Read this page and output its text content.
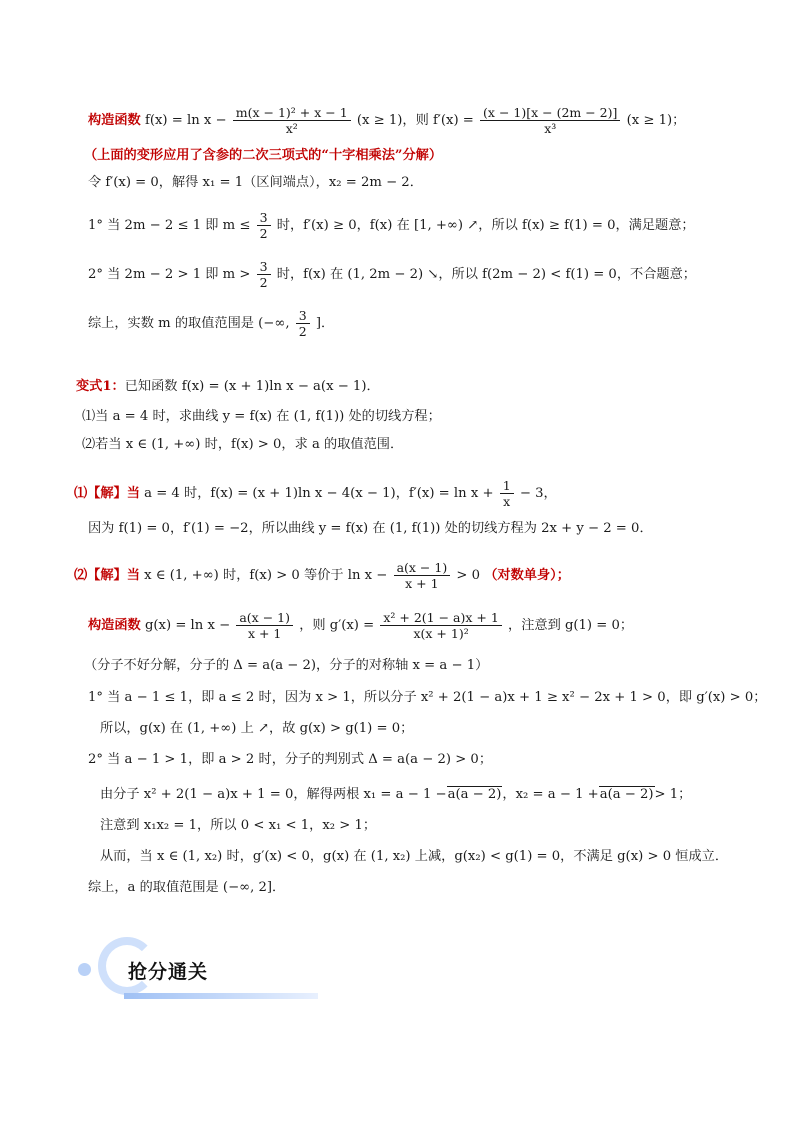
构造函数 $f(x) = \ln x - \frac{\text{m(x − 1)² + x − 1}}{\text{x²}} (x \ge 1)$，则 $f'(x) = \frac{(x - 1)[x - (2m - 2)]}{\text{x³}} (x \ge 1)$；
（上面的变形应用了含参的二次三项式的“十字相乘法”分解）
令 f′(x) = 0，解得 x₁ = 1（区间端点），x₂ = 2m − 2．
1° 当 2m − 2 ≤ 1 即 $m \le \frac{3}{2}$ 时，f′(x) ≥ 0，f(x) 在 [1, +∞) ↗，所以 f(x) ≥ f(1) = 0，满足题意；
2° 当 2m − 2 > 1 即 $m > \frac{3}{2}$ 时，f(x) 在 (1, 2m − 2) ↘，所以 f(2m − 2) < f(1) = 0，不合题意；
综上，实数 m 的取值范围是 (−∞, $\frac{3}{2}$ ]．
变式1：已知函数 f(x) = (x + 1)ln x − a(x − 1)．
⑴当 a = 4 时，求曲线 y = f(x) 在 (1, f(1)) 处的切线方程；
⑵若当 x ∈ (1, +∞) 时，f(x) > 0，求 a 的取值范围．
⑴【解】当 a = 4 时，f(x) = (x + 1)ln x − 4(x − 1)，$f'(x) = \ln x + \frac{1}{x} - 3$，
因为 f(1) = 0，f′(1) = −2，所以曲线 y = f(x) 在 (1, f(1)) 处的切线方程为 2x + y − 2 = 0．
⑵【解】当 x ∈ (1, +∞) 时，f(x) > 0 等价于 $\ln x - \frac{a(x - 1)}{x + 1} > 0$ （对数单身）；
构造函数 $g(x) = \ln x - \frac{a(x - 1)}{x + 1}$ ，则 $g'(x) = \frac{\text{x² + 2(1 − a)x + 1}}{\text{x(x + 1)²}}$ ，注意到 g(1) = 0；
（分子不好分解，分子的 Δ = a(a − 2)，分子的对称轴 x = a − 1）
1° 当 a − 1 ≤ 1，即 a ≤ 2 时，因为 x > 1，所以分子 x² + 2(1 − a)x + 1 ≥ x² − 2x + 1 > 0，即 g′(x) > 0；
所以，g(x) 在 (1, +∞) 上 ↗，故 g(x) > g(1) = 0；
2° 当 a − 1 > 1，即 a > 2 时，分子的判别式 Δ = a(a − 2) > 0；
由分子 x² + 2(1 − a)x + 1 = 0，解得两根 x₁ = a − 1 −a(a − 2)，x₂ = a − 1 +a(a − 2)> 1；
注意到 x₁x₂ = 1，所以 0 < x₁ < 1，x₂ > 1；
从而，当 x ∈ (1, x₂) 时，g′(x) < 0，g(x) 在 (1, x₂) 上减，g(x₂) < g(1) = 0，不满足 g(x) > 0 恒成立．
综上，a 的取值范围是 (−∞, 2]．
抢分通关
